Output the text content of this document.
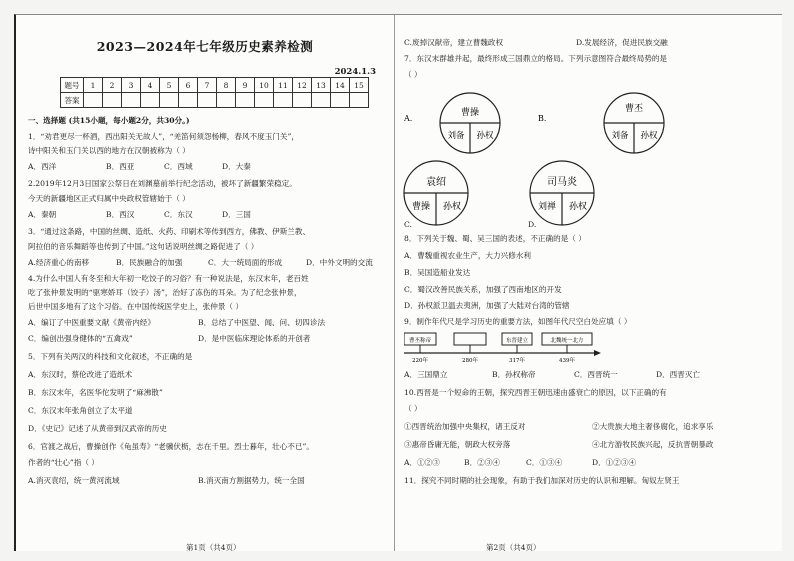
2023—2024年七年级历史素养检测
2024.1.3
题号	1	2	3	4	5	6	7	8	9	10	11	12	13	14	15
答案															
一、选择题 (共15小题，每小题2分，共30分。)
1．“劝君更尽一杯酒，西出阳关无故人”，“羌笛何须怨杨柳，春风不度玉门关”，
诗中阳关和玉门关以西的地方在汉朝被称为（ ）
A．西洋	B．西亚	C．西域	D．大秦
2.2019年12月3日国家公祭日在刘渊墓前举行纪念活动，被坏了新疆繁荣稳定。
今天的新疆地区正式归属中央政权管辖始于（ ）
A．秦朝	B．西汉	C．东汉	D．三国
3．“通过这条路，中国的丝绸、造纸、火药、印刷术等传到西方，佛教、伊斯兰教、
阿拉伯的音乐舞蹈等也传到了中国。”这句话说明丝绸之路促进了（ ）
A.经济重心的南移	B．民族融合的加强	C．大一统局面的形成	D．中外文明的交流
4.为什么中国人有冬至和大年初一吃饺子的习俗？有一种说法是，东汉末年，老百姓
吃了张仲景发明的“驱寒娇耳（饺子）汤”，治好了冻伤的耳朵。为了纪念张仲景，
后世中国多地有了这个习俗。在中国传统医学史上，张仲景（ ）
A．编订了中医重要文献《黄帝内经》	B．总结了中医望、闻、问、切四诊法
C．编创出强身健体的“五禽戏”	D．是中医临床理论体系的开创者
5．下列有关两汉的科技和文化叙述，不正确的是
A．东汉时，蔡伦改进了造纸术
B．东汉末年，名医华佗发明了“麻沸散”
C．东汉末年张角创立了太平道
D．《史记》记述了从黄帝到汉武帝的历史
6．官渡之战后，曹操创作《龟虽寿》“老骥伏枥，志在千里。烈士暮年，壮心不已”。
作者的“壮心”指（ ）
A.消灭袁绍，统一黄河流域	B.消灭南方割据势力，统一全国
第1页（共4页）
C.废掉汉献帝，建立曹魏政权	D.发展经济，促进民族交融
7．东汉末群雄并起，最终形成三国鼎立的格局。下列示意图符合最终局势的是
（ ）
A.
曹操
刘备 孙权
B.
曹丕
刘备 孙权
袁绍
曹操 孙权
司马炎
刘禅 孙权
C.	D.
8．下列关于魏、蜀、吴三国的表述，不正确的是（ ）
A．曹魏重视农业生产，大力兴修水利
B．吴国造船业发达
C．蜀汉改善民族关系，加强了西南地区的开发
D．孙权派卫温去夷洲，加强了大陆对台湾的管辖
9．制作年代尺是学习历史的重要方法，如图年代尺空白处应填（ ）
曹丕称帝	东晋建立	北魏统一北方
220年	280年	317年	439年
A．三国鼎立	B．孙权称帝	C．西晋统一	D．西晋灭亡
10.西晋是一个短命的王朝，探究西晋王朝迅速由盛衰亡的原因，以下正确的有
（ ）
①西晋统治加强中央集权，诸王反对	②大贵族大地主奢侈腐化，追求享乐
③惠帝昏庸无能，朝政大权旁落	④北方游牧民族兴起，反抗晋朝暴政
A．①②③	B．②③④	C．①③④	D．①②③④
11．探究不同时期的社会现象，有助于我们加深对历史的认识和理解。匈奴左贤王
第2页（共4页）
